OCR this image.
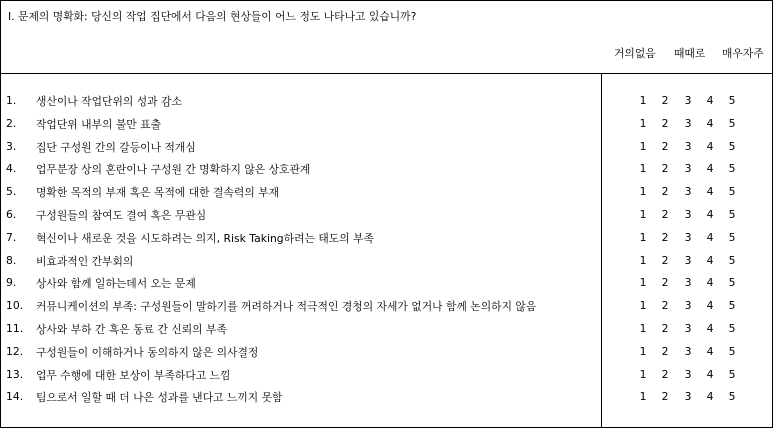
I. 문제의 명확화: 당신의 작업 집단에서 다음의 현상들이 어느 정도 나타나고 있습니까?
거의없음 때때로 매우자주
1. 생산이나 작업단위의 성과 감소	1 2 3 4 5
2. 작업단위 내부의 불만 표출	1 2 3 4 5
3. 집단 구성원 간의 갈등이나 적개심	1 2 3 4 5
4. 업무분장 상의 혼란이나 구성원 간 명확하지 않은 상호관계	1 2 3 4 5
5. 명확한 목적의 부재 혹은 목적에 대한 결속력의 부재	1 2 3 4 5
6. 구성원들의 참여도 결여 혹은 무관심	1 2 3 4 5
7. 혁신이나 새로운 것을 시도하려는 의지, Risk Taking하려는 태도의 부족	1 2 3 4 5
8. 비효과적인 간부회의	1 2 3 4 5
9. 상사와 함께 일하는데서 오는 문제	1 2 3 4 5
10. 커뮤니케이션의 부족: 구성원들이 말하기를 꺼려하거나 적극적인 경청의 자세가 없거나 함께 논의하지 않음	1 2 3 4 5
11. 상사와 부하 간 혹은 동료 간 신뢰의 부족	1 2 3 4 5
12. 구성원들이 이해하거나 동의하지 않은 의사결정	1 2 3 4 5
13. 업무 수행에 대한 보상이 부족하다고 느낌	1 2 3 4 5
14. 팀으로서 일할 때 더 나은 성과를 낸다고 느끼지 못함	1 2 3 4 5
